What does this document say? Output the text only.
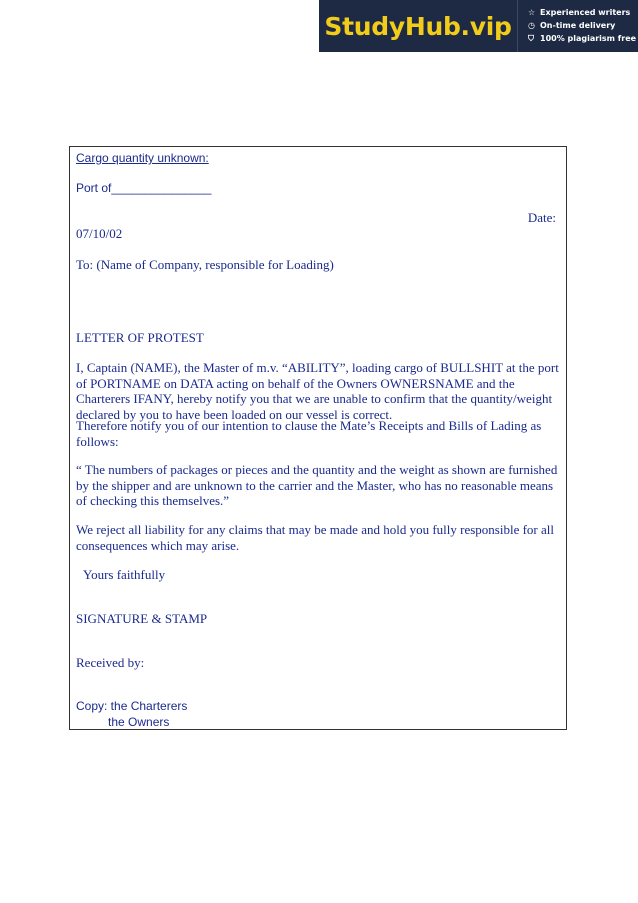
StudyHub.vip	☆ Experienced writers
◷ On-time delivery
⛉ 100% plagiarism free
Cargo quantity unknown:
Port of_______________
Date:
07/10/02
To: (Name of Company, responsible for Loading)
LETTER OF PROTEST
I, Captain (NAME), the Master of m.v. “ABILITY”, loading cargo of BULLSHIT at the port of PORTNAME on DATA acting on behalf of the Owners OWNERSNAME and the Charterers IFANY, hereby notify you that we are unable to confirm that the quantity/weight declared by you to have been loaded on our vessel is correct.
Therefore notify you of our intention to clause the Mate’s Receipts and Bills of Lading as follows:
“ The numbers of packages or pieces and the quantity and the weight as shown are furnished by the shipper and are unknown to the carrier and the Master, who has no reasonable means of checking this themselves.”
We reject all liability for any claims that may be made and hold you fully responsible for all consequences which may arise.
Yours faithfully
SIGNATURE & STAMP
Received by:
Copy: the Charterers
the Owners
